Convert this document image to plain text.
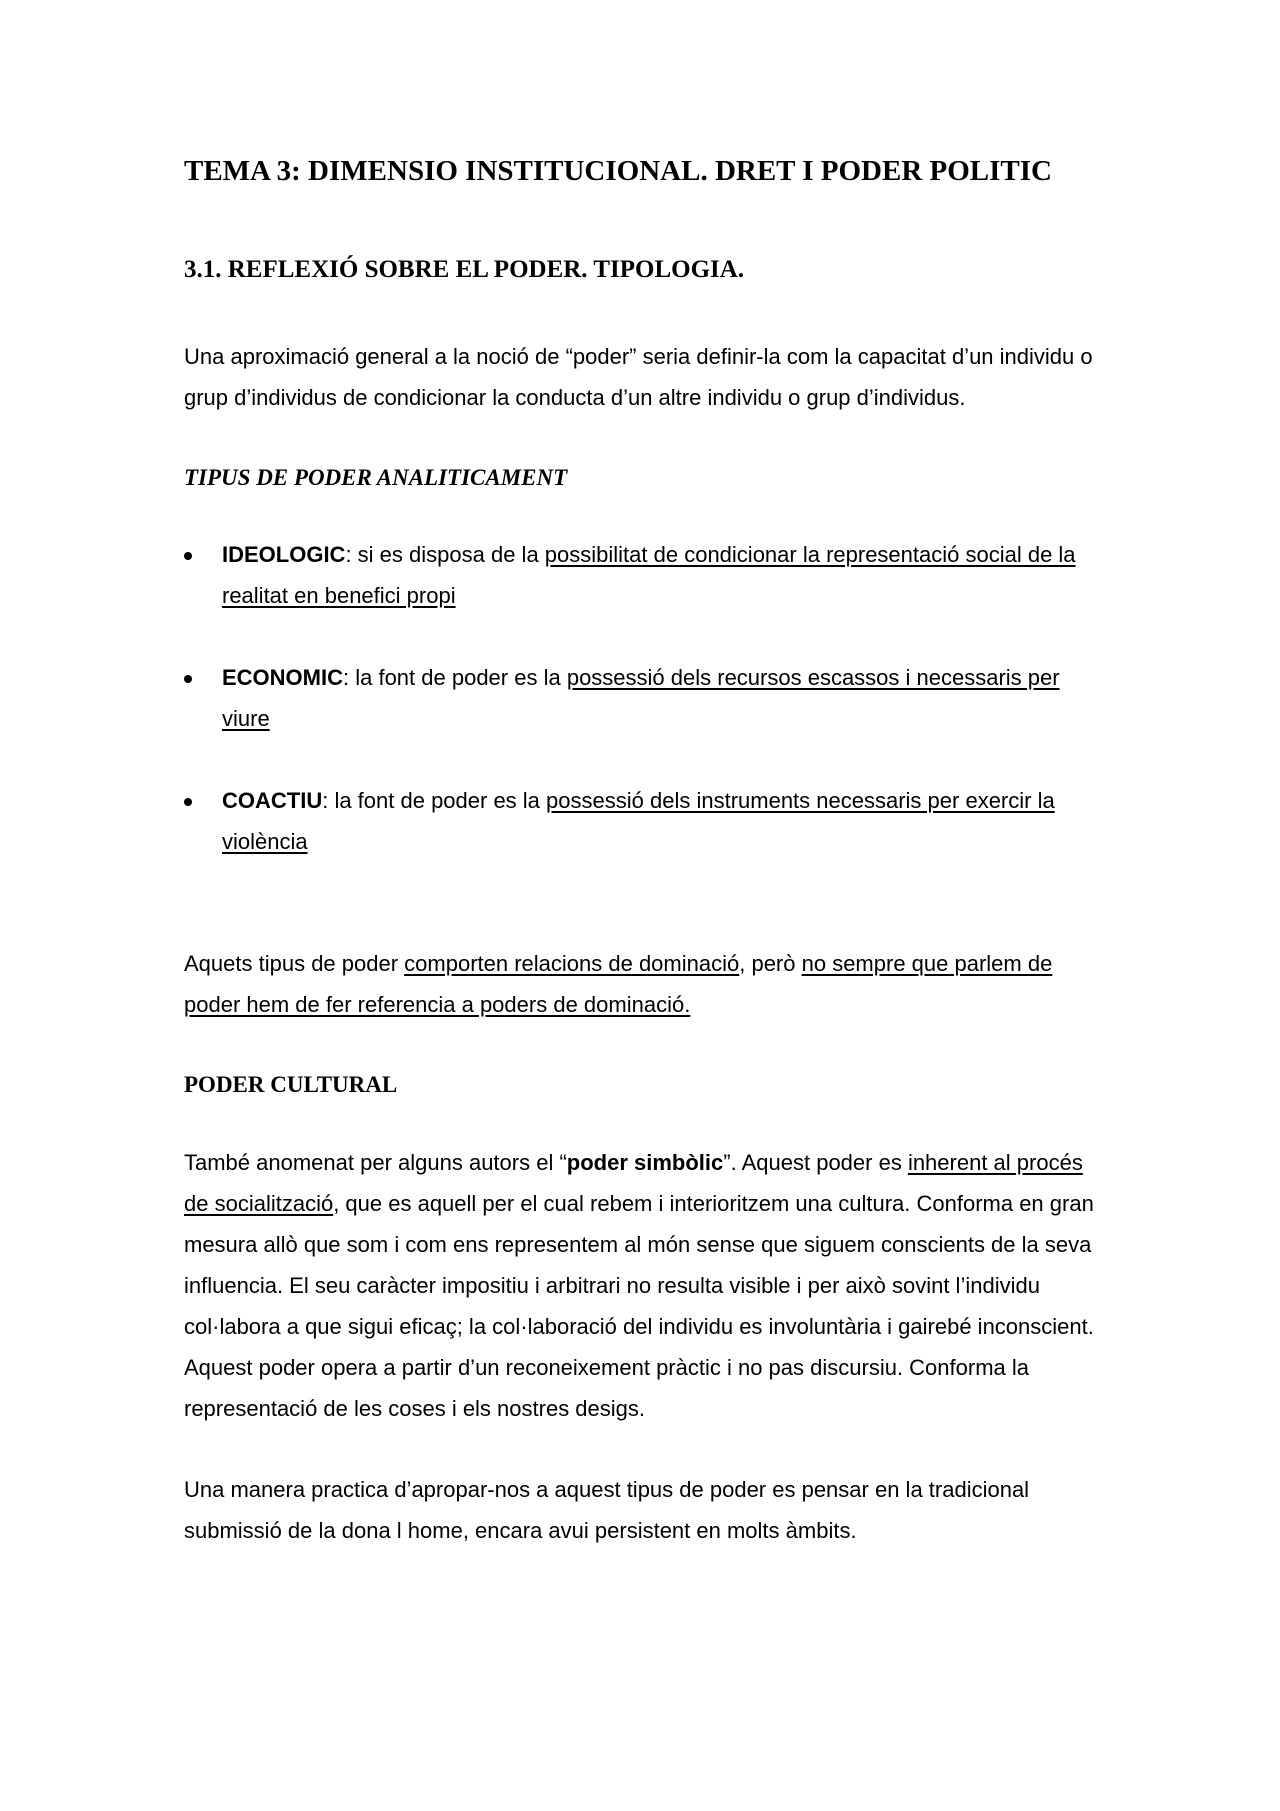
TEMA 3: DIMENSIO INSTITUCIONAL. DRET I PODER POLITIC
3.1. REFLEXIÓ SOBRE EL PODER. TIPOLOGIA.

Una aproximació general a la noció de “poder” seria definir-la com la capacitat d’un individu o grup d’individus de condicionar la conducta d’un altre individu o grup d’individus.

TIPUS DE PODER ANALITICAMENT
IDEOLOGIC: si es disposa de la possibilitat de condicionar la representació social de la realitat en benefici propi
ECONOMIC: la font de poder es la possessió dels recursos escassos i necessaris per viure
COACTIU: la font de poder es la possessió dels instruments necessaris per exercir la violència

Aquets tipus de poder comporten relacions de dominació, però no sempre que parlem de poder hem de fer referencia a poders de dominació.

PODER CULTURAL

També anomenat per alguns autors el “poder simbòlic”. Aquest poder es inherent al procés de socialització, que es aquell per el cual rebem i interioritzem una cultura. Conforma en gran mesura allò que som i com ens representem al món sense que siguem conscients de la seva influencia. El seu caràcter impositiu i arbitrari no resulta visible i per això sovint l’individu col·labora a que sigui eficaç; la col·laboració del individu es involuntària i gairebé inconscient.

Aquest poder opera a partir d’un reconeixement pràctic i no pas discursiu. Conforma la representació de les coses i els nostres desigs.

Una manera practica d’apropar-nos a aquest tipus de poder es pensar en la tradicional submissió de la dona l home, encara avui persistent en molts àmbits.
